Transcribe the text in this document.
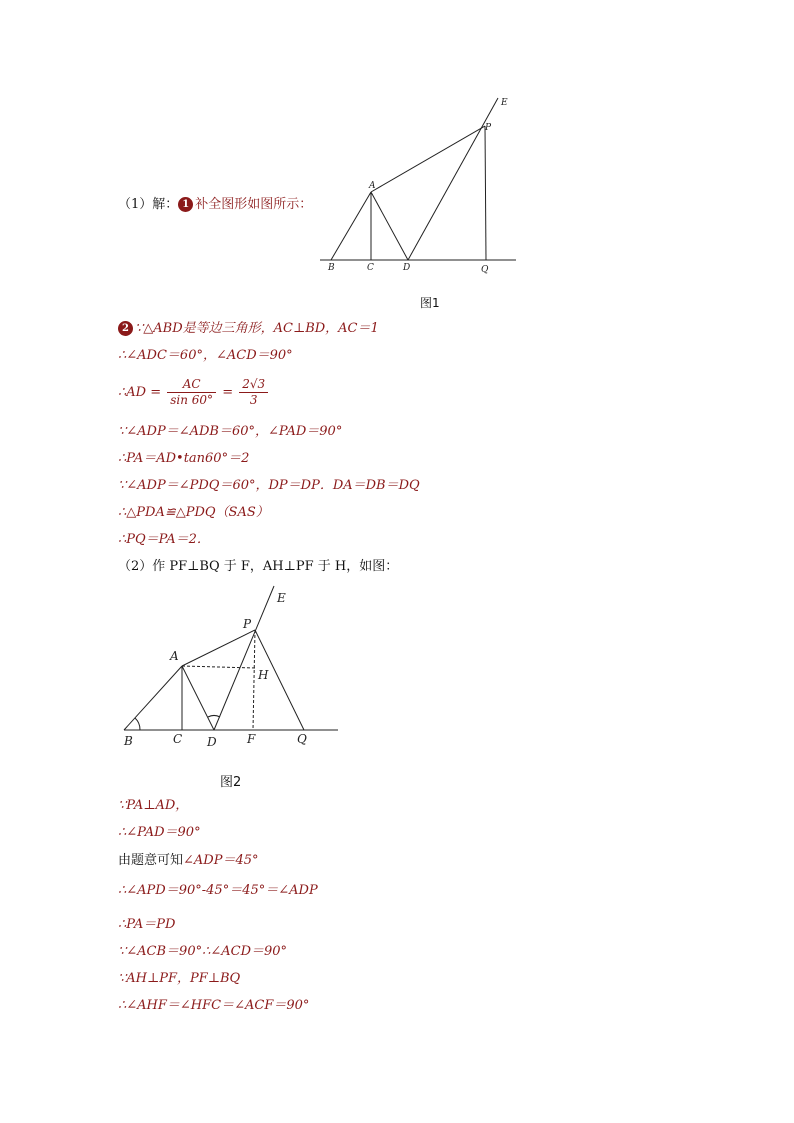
（1）解： 1 补全图形如图所示：
E
P
A
B	C	D	Q
图1
2 ∵△ABD是等边三角形，AC⊥BD，AC＝1
∴∠ADC＝60°，∠ACD＝90°
∴AD = $\frac{AC}{\sin 60^\circ} = \frac{2√3}{3}$
∵∠ADP＝∠ADB＝60°，∠PAD＝90°
∴PA＝AD•tan60°＝2
∵∠ADP＝∠PDQ＝60°，DP＝DP．DA＝DB＝DQ
∴△PDA≌△PDQ（SAS）
∴PQ＝PA＝2．
（2）作 PF⊥BQ 于 F，AH⊥PF 于 H，如图：
E
P
A
H
B	C D	F	Q
图2
∵PA⊥AD，
∴∠PAD＝90°
由题意可知∠ADP＝45°
∴∠APD＝90°-45°＝45°＝∠ADP
∴PA＝PD
∵∠ACB＝90°∴∠ACD＝90°
∵AH⊥PF，PF⊥BQ
∴∠AHF＝∠HFC＝∠ACF＝90°
